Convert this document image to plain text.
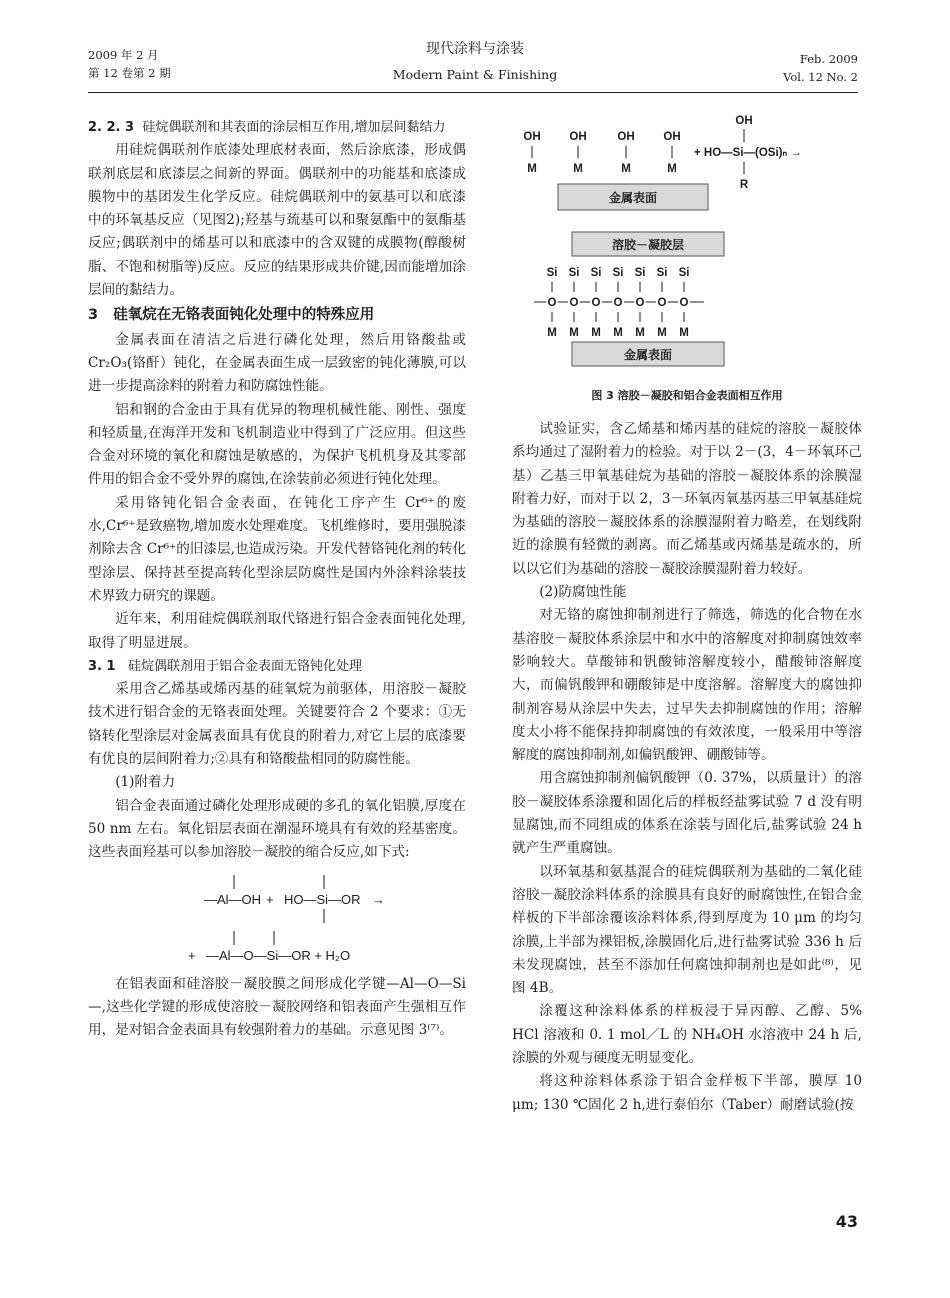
2009 年 2 月
第 12 卷第 2 期
现代涂料与涂装
Modern Paint & Finishing
Feb. 2009
Vol. 12 No. 2

2. 2. 3 硅烷偶联剂和其表面的涂层相互作用,增加层间黏结力

用硅烷偶联剂作底漆处理底材表面，然后涂底漆，形成偶联剂底层和底漆层之间新的界面。偶联剂中的功能基和底漆成膜物中的基团发生化学反应。硅烷偶联剂中的氨基可以和底漆中的环氧基反应（见图2);羟基与巯基可以和聚氨酯中的氨酯基反应;偶联剂中的烯基可以和底漆中的含双键的成膜物(醇酸树脂、不饱和树脂等)反应。反应的结果形成共价键,因而能增加涂层间的黏结力。

3 硅氧烷在无铬表面钝化处理中的特殊应用

金属表面在清洁之后进行磷化处理，然后用铬酸盐或 Cr₂O₃(铬酐）钝化，在金属表面生成一层致密的钝化薄膜,可以进一步提高涂料的附着力和防腐蚀性能。

铝和钢的合金由于具有优异的物理机械性能、刚性、强度和轻质量,在海洋开发和飞机制造业中得到了广泛应用。但这些合金对环境的氧化和腐蚀是敏感的，为保护飞机机身及其零部件用的铝合金不受外界的腐蚀,在涂装前必须进行钝化处理。

采用铬钝化铝合金表面，在钝化工序产生 Cr⁶⁺的废水,Cr⁶⁺是致癌物,增加废水处理难度。飞机维修时，要用强脱漆剂除去含 Cr⁶⁺的旧漆层,也造成污染。开发代替铬钝化剂的转化型涂层、保持甚至提高转化型涂层防腐性是国内外涂料涂装技术界致力研究的课题。

近年来，利用硅烷偶联剂取代铬进行铝合金表面钝化处理,取得了明显进展。

3. 1 硅烷偶联剂用于铝合金表面无铬钝化处理

采用含乙烯基或烯丙基的硅氧烷为前驱体，用溶胶－凝胶技术进行铝合金的无铬表面处理。关键要符合 2 个要求：①无铬转化型涂层对金属表面具有优良的附着力,对它上层的底漆要有优良的层间附着力;②具有和铬酸盐相同的防腐性能。

(1)附着力

铝合金表面通过磷化处理形成硬的多孔的氧化铝膜,厚度在 50 nm 左右。氧化铝层表面在潮湿环境具有有效的羟基密度。这些表面羟基可以参加溶胶－凝胶的缩合反应,如下式:

—Al—OH + HO—Si—OR →
+ —Al—O—Si—OR + H₂O

在铝表面和硅溶胶－凝胶膜之间形成化学键—Al—O—Si—,这些化学键的形成使溶胶－凝胶网络和铝表面产生强相互作用，是对铝合金表面具有较强附着力的基础。示意见图 3⁽⁷⁾。

OH
M
OH
M
OH
M
OH
M
+ HO—Si—(OSi)ₙ →
OH
R
金属表面
溶胶－凝胶层
Si
O
M
Si
O
M
Si
O
M
Si
O
M
Si
O
M
Si
O
M
Si
O
M
金属表面
图 3 溶胶－凝胶和铝合金表面相互作用

试验证实，含乙烯基和烯丙基的硅烷的溶胶－凝胶体系均通过了湿附着力的检验。对于以 2－(3，4－环氧环己基）乙基三甲氧基硅烷为基础的溶胶－凝胶体系的涂膜湿附着力好，而对于以 2，3－环氧丙氧基丙基三甲氧基硅烷为基础的溶胶－凝胶体系的涂膜湿附着力略差，在划线附近的涂膜有轻微的剥离。而乙烯基或丙烯基是疏水的，所以以它们为基础的溶胶－凝胶涂膜湿附着力较好。

(2)防腐蚀性能

对无铬的腐蚀抑制剂进行了筛选，筛选的化合物在水基溶胶－凝胶体系涂层中和水中的溶解度对抑制腐蚀效率影响较大。草酸铈和钒酸铈溶解度较小，醋酸铈溶解度大，而偏钒酸钾和硼酸铈是中度溶解。溶解度大的腐蚀抑制剂容易从涂层中失去，过早失去抑制腐蚀的作用；溶解度太小将不能保持抑制腐蚀的有效浓度，一般采用中等溶解度的腐蚀抑制剂,如偏钒酸钾、硼酸铈等。

用含腐蚀抑制剂偏钒酸钾（0. 37%，以质量计）的溶胶－凝胶体系涂覆和固化后的样板经盐雾试验 7 d 没有明显腐蚀,而不同组成的体系在涂装与固化后,盐雾试验 24 h 就产生严重腐蚀。

以环氧基和氨基混合的硅烷偶联剂为基础的二氧化硅溶胶－凝胶涂料体系的涂膜具有良好的耐腐蚀性,在铝合金样板的下半部涂覆该涂料体系,得到厚度为 10 μm 的均匀涂膜,上半部为裸铝板,涂膜固化后,进行盐雾试验 336 h 后未发现腐蚀，甚至不添加任何腐蚀抑制剂也是如此⁽⁸⁾，见图 4B。

涂覆这种涂料体系的样板浸于异丙醇、乙醇、5% HCl 溶液和 0. 1 mol／L 的 NH₄OH 水溶液中 24 h 后,涂膜的外观与硬度无明显变化。

将这种涂料体系涂于铝合金样板下半部，膜厚 10 μm; 130 ℃固化 2 h,进行泰伯尔（Taber）耐磨试验(按

43
